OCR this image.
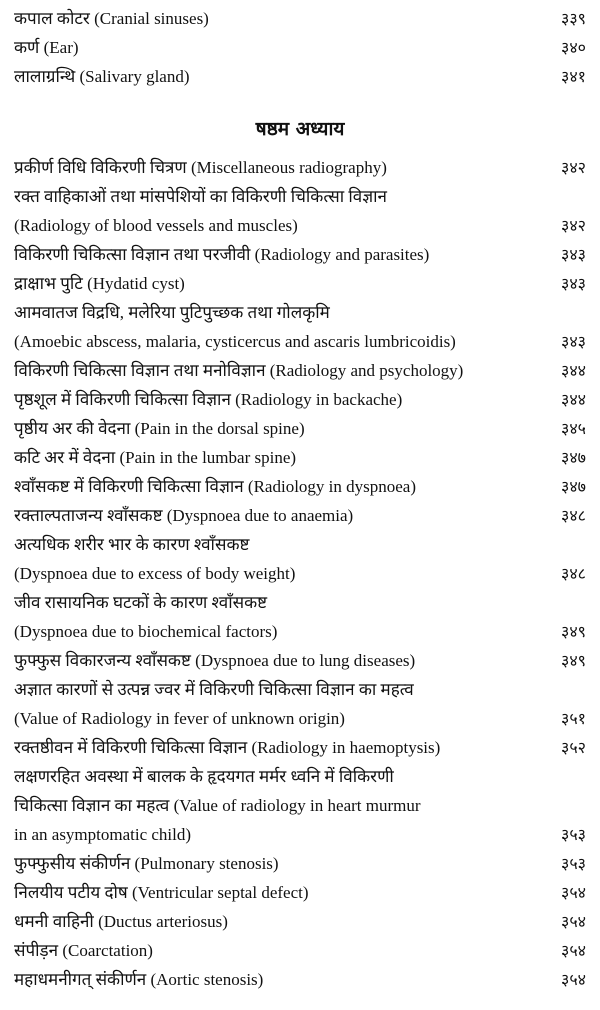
कपाल कोटर (Cranial sinuses)	३३९
कर्ण (Ear)	३४०
लालाग्रन्थि (Salivary gland)	३४१
षष्ठम अध्याय
प्रकीर्ण विधि विकिरणी चित्रण (Miscellaneous radiography)	३४२
रक्त वाहिकाओं तथा मांसपेशियों का विकिरणी चिकित्सा विज्ञान
(Radiology of blood vessels and muscles)	३४२
विकिरणी चिकित्सा विज्ञान तथा परजीवी (Radiology and parasites)	३४३
द्राक्षाभ पुटि (Hydatid cyst)	३४३
आमवातज विद्रधि, मलेरिया पुटिपुच्छक तथा गोलकृमि
(Amoebic abscess, malaria, cysticercus and ascaris lumbricoidis)	३४३
विकिरणी चिकित्सा विज्ञान तथा मनोविज्ञान (Radiology and psychology)	३४४
पृष्ठशूल में विकिरणी चिकित्सा विज्ञान (Radiology in backache)	३४४
पृष्ठीय अर की वेदना (Pain in the dorsal spine)	३४५
कटि अर में वेदना (Pain in the lumbar spine)	३४७
श्वाँसकष्ट में विकिरणी चिकित्सा विज्ञान (Radiology in dyspnoea)	३४७
रक्ताल्पताजन्य श्वाँसकष्ट (Dyspnoea due to anaemia)	३४८
अत्यधिक शरीर भार के कारण श्वाँसकष्ट
(Dyspnoea due to excess of body weight)	३४८
जीव रासायनिक घटकों के कारण श्वाँसकष्ट
(Dyspnoea due to biochemical factors)	३४९
फुफ्फुस विकारजन्य श्वाँसकष्ट (Dyspnoea due to lung diseases)	३४९
अज्ञात कारणों से उत्पन्न ज्वर में विकिरणी चिकित्सा विज्ञान का महत्व
(Value of Radiology in fever of unknown origin)	३५१
रक्तष्ठीवन में विकिरणी चिकित्सा विज्ञान (Radiology in haemoptysis)	३५२
लक्षणरहित अवस्था में बालक के हृदयगत मर्मर ध्वनि में विकिरणी
चिकित्सा विज्ञान का महत्व (Value of radiology in heart murmur
in an asymptomatic child)	३५३
फुफ्फुसीय संकीर्णन (Pulmonary stenosis)	३५३
निलयीय पटीय दोष (Ventricular septal defect)	३५४
धमनी वाहिनी (Ductus arteriosus)	३५४
संपीड़न (Coarctation)	३५४
महाधमनीगत् संकीर्णन (Aortic stenosis)	३५४
